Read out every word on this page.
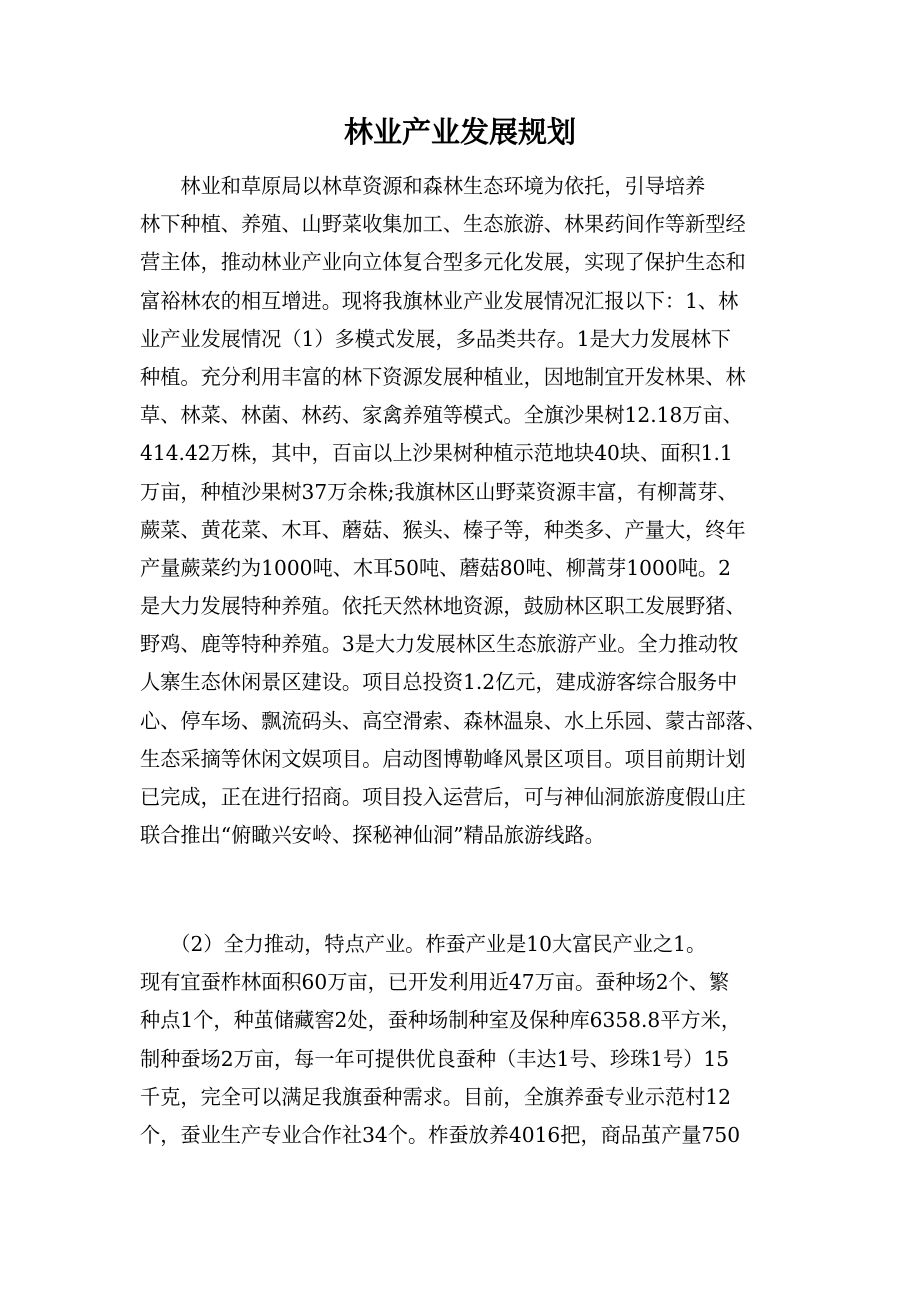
林业产业发展规划
　　林业和草原局以林草资源和森林生态环境为依托，引导培养
林下种植、养殖、山野菜收集加工、生态旅游、林果药间作等新型经
营主体，推动林业产业向立体复合型多元化发展，实现了保护生态和
富裕林农的相互增进。现将我旗林业产业发展情况汇报以下：1、林
业产业发展情况（1）多模式发展，多品类共存。1是大力发展林下
种植。充分利用丰富的林下资源发展种植业，因地制宜开发林果、林
草、林菜、林菌、林药、家禽养殖等模式。全旗沙果树12.18万亩、
414.42万株，其中，百亩以上沙果树种植示范地块40块、面积1.1
万亩，种植沙果树37万余株;我旗林区山野菜资源丰富，有柳蒿芽、
蕨菜、黄花菜、木耳、蘑菇、猴头、榛子等，种类多、产量大，终年
产量蕨菜约为1000吨、木耳50吨、蘑菇80吨、柳蒿芽1000吨。2
是大力发展特种养殖。依托天然林地资源，鼓励林区职工发展野猪、
野鸡、鹿等特种养殖。3是大力发展林区生态旅游产业。全力推动牧
人寨生态休闲景区建设。项目总投资1.2亿元，建成游客综合服务中
心、停车场、飘流码头、高空滑索、森林温泉、水上乐园、蒙古部落、
生态采摘等休闲文娱项目。启动图博勒峰风景区项目。项目前期计划
已完成，正在进行招商。项目投入运营后，可与神仙洞旅游度假山庄
联合推出“俯瞰兴安岭、探秘神仙洞”精品旅游线路。
　　（2）全力推动，特点产业。柞蚕产业是10大富民产业之1。
现有宜蚕柞林面积60万亩，已开发利用近47万亩。蚕种场2个、繁
种点1个，种茧储藏窖2处，蚕种场制种室及保种库6358.8平方米，
制种蚕场2万亩，每一年可提供优良蚕种（丰达1号、珍珠1号）15
千克，完全可以满足我旗蚕种需求。目前，全旗养蚕专业示范村12
个，蚕业生产专业合作社34个。柞蚕放养4016把，商品茧产量750
